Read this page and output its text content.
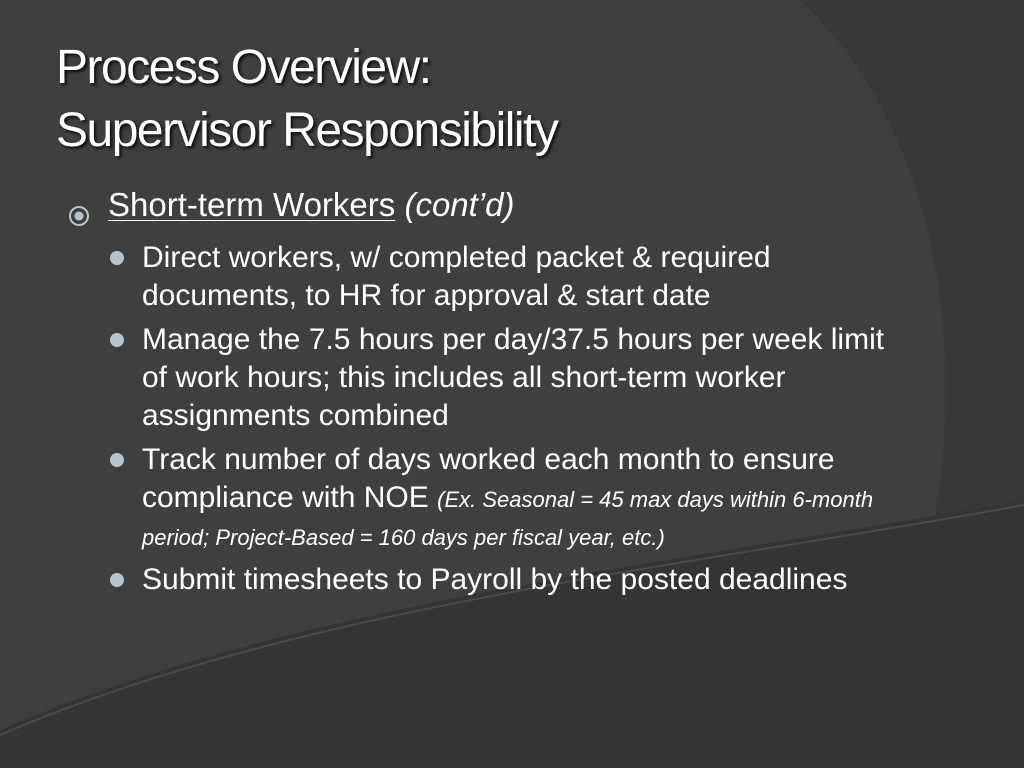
Process Overview:
Supervisor Responsibility
Short-term Workers (cont’d)
Direct workers, w/ completed packet & required documents, to HR for approval & start date
Manage the 7.5 hours per day/37.5 hours per week limit of work hours; this includes all short-term worker assignments combined
Track number of days worked each month to ensure compliance with NOE (Ex. Seasonal = 45 max days within 6-month period; Project-Based = 160 days per fiscal year, etc.)
Submit timesheets to Payroll by the posted deadlines
